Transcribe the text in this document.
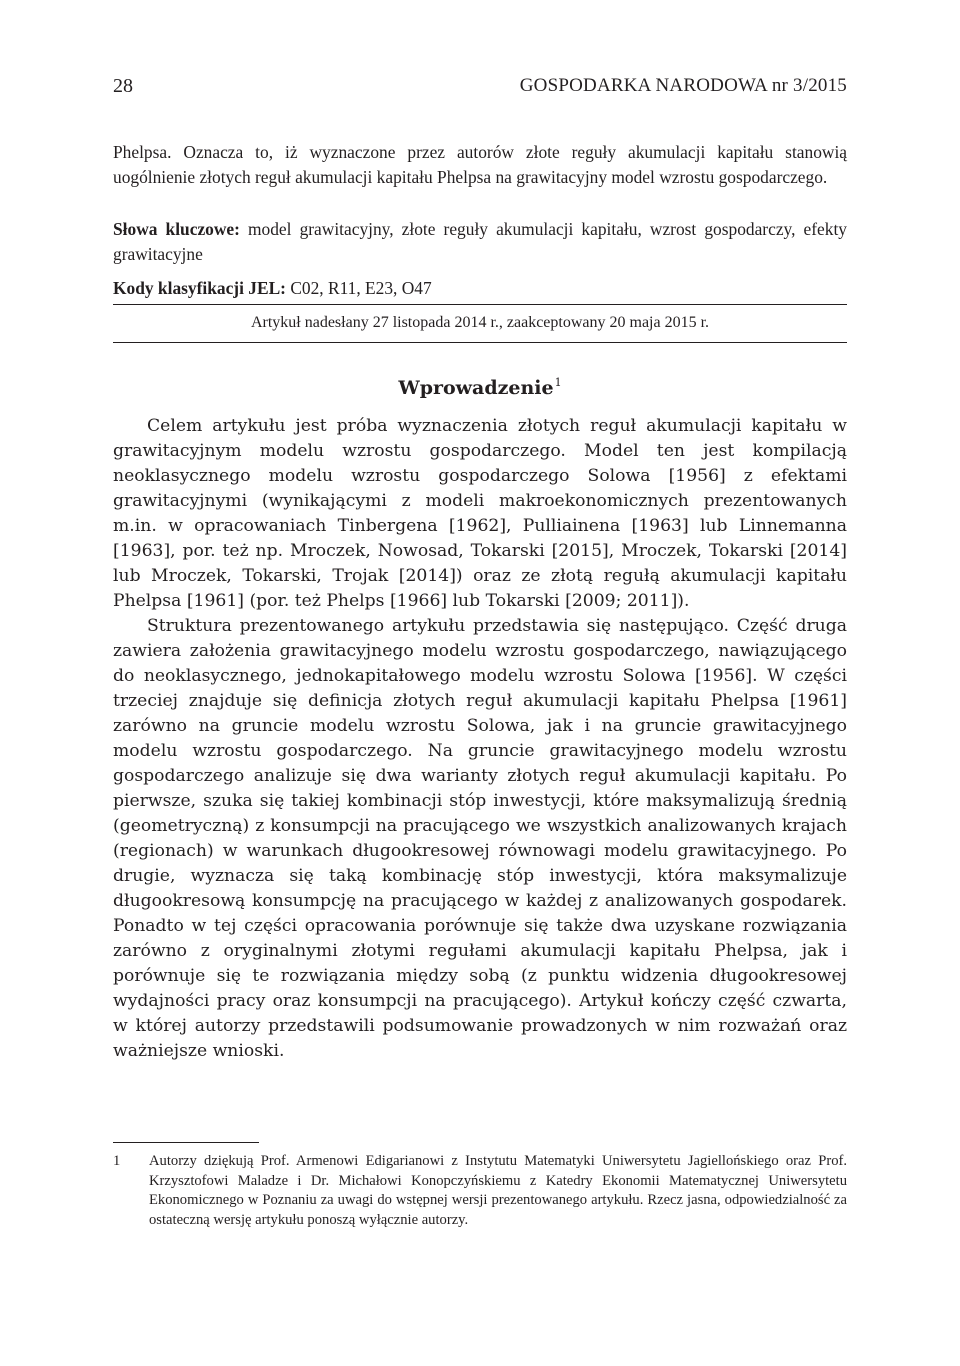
28	GOSPODARKA NARODOWA nr 3/2015

Phelpsa. Oznacza to, iż wyznaczone przez autorów złote reguły akumulacji kapitału stanowią uogólnienie złotych reguł akumulacji kapitału Phelpsa na grawitacyjny model wzrostu gospodarczego.

Słowa kluczowe: model grawitacyjny, złote reguły akumulacji kapitału, wzrost gospodarczy, efekty grawitacyjne

Kody klasyfikacji JEL: C02, R11, E23, O47

Artykuł nadesłany 27 listopada 2014 r., zaakceptowany 20 maja 2015 r.
Wprowadzenie$^1$

Celem artykułu jest próba wyznaczenia złotych reguł akumulacji kapitału w grawitacyjnym modelu wzrostu gospodarczego. Model ten jest kompilacją neoklasycznego modelu wzrostu gospodarczego Solowa [1956] z efektami grawitacyjnymi (wynikającymi z modeli makroekonomicznych prezentowanych m.in. w opracowaniach Tinbergena [1962], Pulliainena [1963] lub Linnemanna [1963], por. też np. Mroczek, Nowosad, Tokarski [2015], Mroczek, Tokarski [2014] lub Mroczek, Tokarski, Trojak [2014]) oraz ze złotą regułą akumulacji kapitału Phelpsa [1961] (por. też Phelps [1966] lub Tokarski [2009; 2011]).

Struktura prezentowanego artykułu przedstawia się następująco. Część druga zawiera założenia grawitacyjnego modelu wzrostu gospodarczego, nawiązującego do neoklasycznego, jednokapitałowego modelu wzrostu Solowa [1956]. W części trzeciej znajduje się definicja złotych reguł akumulacji kapitału Phelpsa [1961] zarówno na gruncie modelu wzrostu Solowa, jak i na gruncie grawitacyjnego modelu wzrostu gospodarczego. Na gruncie grawitacyjnego modelu wzrostu gospodarczego analizuje się dwa warianty złotych reguł akumulacji kapitału. Po pierwsze, szuka się takiej kombinacji stóp inwestycji, które maksymalizują średnią (geometryczną) z konsumpcji na pracującego we wszystkich analizowanych krajach (regionach) w warunkach długookresowej równowagi modelu grawitacyjnego. Po drugie, wyznacza się taką kombinację stóp inwestycji, która maksymalizuje długookresową konsumpcję na pracującego w każdej z analizowanych gospodarek. Ponadto w tej części opracowania porównuje się także dwa uzyskane rozwiązania zarówno z oryginalnymi złotymi regułami akumulacji kapitału Phelpsa, jak i porównuje się te rozwiązania między sobą (z punktu widzenia długookresowej wydajności pracy oraz konsumpcji na pracującego). Artykuł kończy część czwarta, w której autorzy przedstawili podsumowanie prowadzonych w nim rozważań oraz ważniejsze wnioski.

1	Autorzy dziękują Prof. Armenowi Edigarianowi z Instytutu Matematyki Uniwersytetu Jagiellońskiego oraz Prof. Krzysztofowi Maladze i Dr. Michałowi Konopczyńskiemu z Katedry Ekonomii Matematycznej Uniwersytetu Ekonomicznego w Poznaniu za uwagi do wstępnej wersji prezentowanego artykułu. Rzecz jasna, odpowiedzialność za ostateczną wersję artykułu ponoszą wyłącznie autorzy.
